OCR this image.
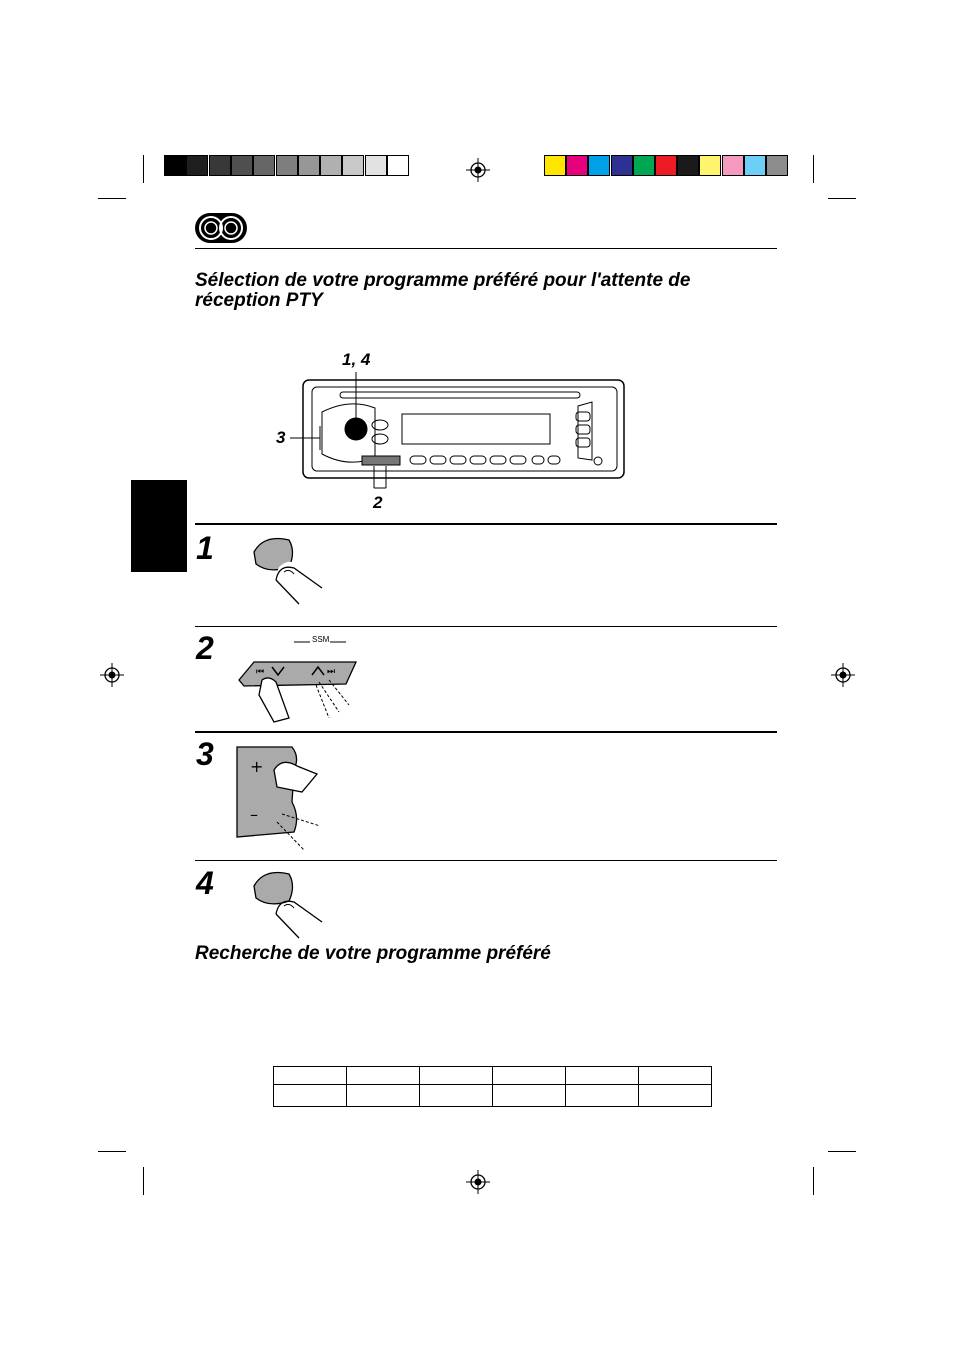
Sélection de votre programme préféré pour l'attente de réception PTY
1, 4
3
2
1
2	SSM
⏮	⏭
3 +
–
4
Recherche de votre programme préféré
